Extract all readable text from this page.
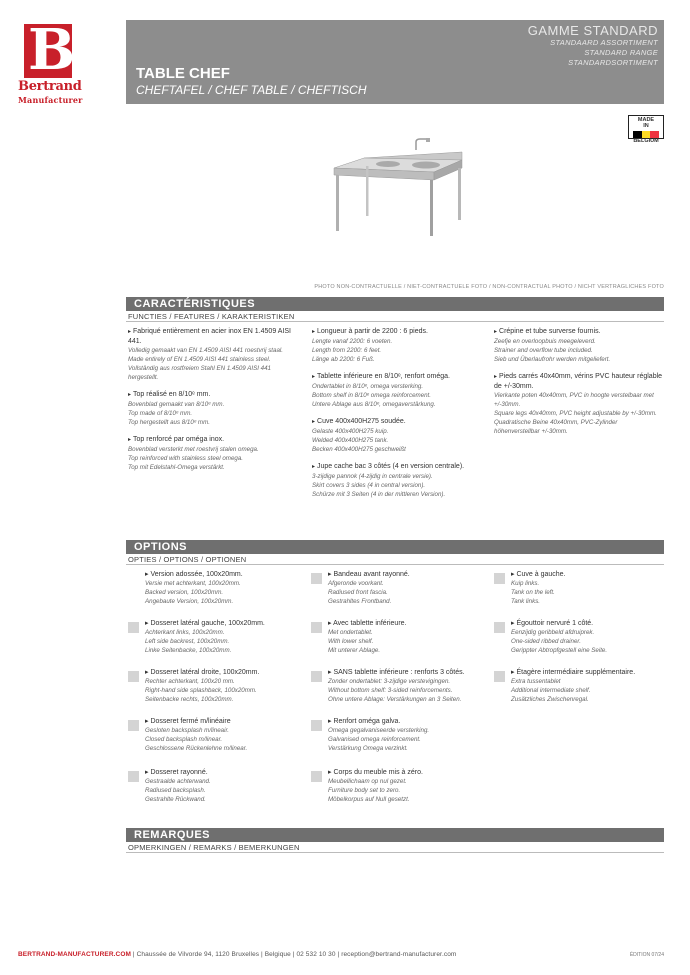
B
Bertrand
Manufacturer
GAMME STANDARD
STANDAARD ASSORTIMENT
STANDARD RANGE
STANDARDSORTIMENT
TABLE CHEF
CHEFTAFEL / CHEF TABLE / CHEFTISCH
MADE
IN
BELGIUM
PHOTO NON-CONTRACTUELLE / NIET-CONTRACTUELE FOTO / NON-CONTRACTUAL PHOTO / NICHT VERTRAGLICHES FOTO
CARACTÉRISTIQUES
FUNCTIES / FEATURES / KARAKTERISTIKEN
▸ Fabriqué entièrement en acier inox EN 1.4509 AISI 441.
Volledig gemaakt van EN 1.4509 AISI 441 roestvrij staal.
Made entirely of EN 1.4509 AISI 441 stainless steel.
Vollständig aus rostfreiem Stahl EN 1.4509 AISI 441 hergestellt.
▸ Top réalisé en 8/10ᵉ mm.
Bovenblad gemaakt van 8/10ᵉ mm.
Top made of 8/10ᵉ mm.
Top hergestellt aus 8/10ᵉ mm.
▸ Top renforcé par oméga inox.
Bovenblad versterkt met roestvrij stalen omega.
Top reinforced with stainless steel omega.
Top mit Edelstahl-Omega verstärkt.
▸ Longueur à partir de 2200 : 6 pieds.
Lengte vanaf 2200: 6 voeten.
Length from 2200: 6 feet.
Länge ab 2200: 6 Fuß.
▸ Tablette inférieure en 8/10ᵉ, renfort oméga.
Ondertablet in 8/10ᵉ, omega versterking.
Bottom shelf in 8/10ᵉ omega reinforcement.
Untere Ablage aus 8/10ᵉ, omegaverstärkung.
▸ Cuve 400x400H275 soudée.
Gelaste 400x400H275 kuip.
Welded 400x400H275 tank.
Becken 400x400H275 geschweißt
▸ Jupe cache bac 3 côtés (4 en version centrale).
3-zijdige pannok (4-zijdig in centrale versie).
Skirt covers 3 sides (4 in central version).
Schürze mit 3 Seiten (4 in der mittleren Version).
▸ Crépine et tube surverse fournis.
Zeefje en overloopbuis meegeleverd.
Strainer and overflow tube included.
Sieb und Überlaufrohr werden mitgeliefert.
▸ Pieds carrés 40x40mm, vérins PVC hauteur réglable de +/-30mm.
Vierkante poten 40x40mm, PVC in hoogte verstelbaar met +/-30mm.
Square legs 40x40mm, PVC height adjustable by +/-30mm.
Quadratische Beine 40x40mm, PVC-Zylinder höhenverstellbar +/-30mm.
OPTIONS
OPTIES / OPTIONS / OPTIONEN
▸ Version adossée, 100x20mm.
Versie met achterkant, 100x20mm.
Backed version, 100x20mm.
Angebaute Version, 100x20mm.
▸ Dosseret latéral gauche, 100x20mm.
Achterkant links, 100x20mm.
Left side backrest, 100x20mm.
Linke Seitenbacke, 100x20mm.
▸ Dosseret latéral droite, 100x20mm.
Rechter achterkant, 100x20 mm.
Right-hand side splashback, 100x20mm.
Seitenbacke rechts, 100x20mm.
▸ Dosseret fermé m/linéaire
Gesloten backsplash m/lineair.
Closed backsplash m/linear.
Geschlossene Rückenlehne m/linear.
▸ Dosseret rayonné.
Gestraalde achterwand.
Radiused backsplash.
Gestrahlte Rückwand.
▸ Bandeau avant rayonné.
Afgeronde voorkant.
Radiused front fascia.
Gestrahltes Frontband.
▸ Avec tablette inférieure.
Met ondertablet.
With lower shelf.
Mit unterer Ablage.
▸ SANS tablette inférieure : renforts 3 côtés.
Zonder ondertablet: 3-zijdige verstevigingen.
Without bottom shelf: 3-sided reinforcements.
Ohne untere Ablage: Verstärkungen an 3 Seiten.
▸ Renfort oméga galva.
Omega gegalvaniseerde versterking.
Galvanised omega reinforcement.
Verstärkung Omega verzinkt.
▸ Corps du meuble mis à zéro.
Meubellichaam op nul gezet.
Furniture body set to zero.
Möbelkorpus auf Null gesetzt.
▸ Cuve à gauche.
Kuip links.
Tank on the left.
Tank links.
▸ Égouttoir nervuré 1 côté.
Eenzijdig geribbeld afdruiprek.
One-sided ribbed drainer.
Gerippter Abtropfgestell eine Seite.
▸ Étagère intermédiaire supplémentaire.
Extra tussentablet
Additional intermediate shelf.
Zusätzliches Zwischenregal.
REMARQUES
OPMERKINGEN / REMARKS / BEMERKUNGEN
BERTRAND-MANUFACTURER.COM | Chaussée de Vilvorde 94, 1120 Bruxelles | Belgique | 02 532 10 30 | reception@bertrand-manufacturer.com	ÉDITION 07/24
